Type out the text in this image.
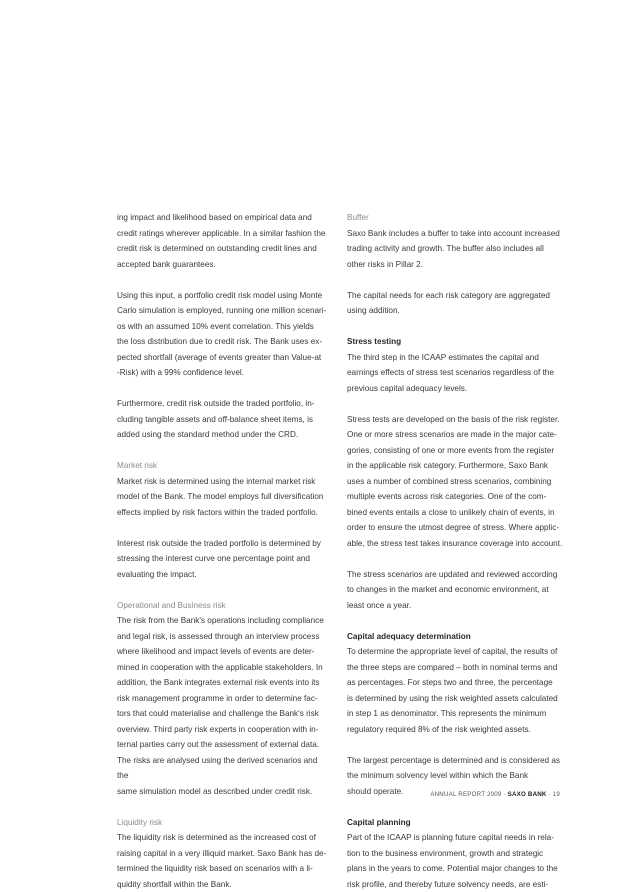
ing impact and likelihood based on empirical data and
credit ratings wherever applicable. In a similar fashion the
credit risk is determined on outstanding credit lines and
accepted bank guarantees.

Using this input, a portfolio credit risk model using Monte
Carlo simulation is employed, running one million scenari-
os with an assumed 10% event correlation. This yields
the loss distribution due to credit risk. The Bank uses ex-
pected shortfall (average of events greater than Value-at
-Risk) with a 99% confidence level.

Furthermore, credit risk outside the traded portfolio, in-
cluding tangible assets and off-balance sheet items, is
added using the standard method under the CRD.

Market risk

Market risk is determined using the internal market risk
model of the Bank. The model employs full diversification
effects implied by risk factors within the traded portfolio.

Interest risk outside the traded portfolio is determined by
stressing the interest curve one percentage point and
evaluating the impact.

Operational and Business risk

The risk from the Bank's operations including compliance
and legal risk, is assessed through an interview process
where likelihood and impact levels of events are deter-
mined in cooperation with the applicable stakeholders. In
addition, the Bank integrates external risk events into its
risk management programme in order to determine fac-
tors that could materialise and challenge the Bank's risk
overview. Third party risk experts in cooperation with in-
ternal parties carry out the assessment of external data.
The risks are analysed using the derived scenarios and the
same simulation model as described under credit risk.

Liquidity risk

The liquidity risk is determined as the increased cost of
raising capital in a very illiquid market. Saxo Bank has de-
termined the liquidity risk based on scenarios with a li-
quidity shortfall within the Bank.

Buffer

Saxo Bank includes a buffer to take into account increased
trading activity and growth. The buffer also includes all
other risks in Pillar 2.

The capital needs for each risk category are aggregated
using addition.

Stress testing

The third step in the ICAAP estimates the capital and
earnings effects of stress test scenarios regardless of the
previous capital adequacy levels.

Stress tests are developed on the basis of the risk register.
One or more stress scenarios are made in the major cate-
gories, consisting of one or more events from the register
in the applicable risk category. Furthermore, Saxo Bank
uses a number of combined stress scenarios, combining
multiple events across risk categories. One of the com-
bined events entails a close to unlikely chain of events, in
order to ensure the utmost degree of stress. Where applic-
able, the stress test takes insurance coverage into account.

The stress scenarios are updated and reviewed according
to changes in the market and economic environment, at
least once a year.

Capital adequacy determination

To determine the appropriate level of capital, the results of
the three steps are compared – both in nominal terms and
as percentages. For steps two and three, the percentage
is determined by using the risk weighted assets calculated
in step 1 as denominator. This represents the minimum
regulatory required 8% of the risk weighted assets.

The largest percentage is determined and is considered as
the minimum solvency level within which the Bank
should operate.

Capital planning

Part of the ICAAP is planning future capital needs in rela-
tion to the business environment, growth and strategic
plans in the years to come. Potential major changes to the
risk profile, and thereby future solvency needs, are esti-

ANNUAL REPORT 2009 · SAXO BANK · 19
